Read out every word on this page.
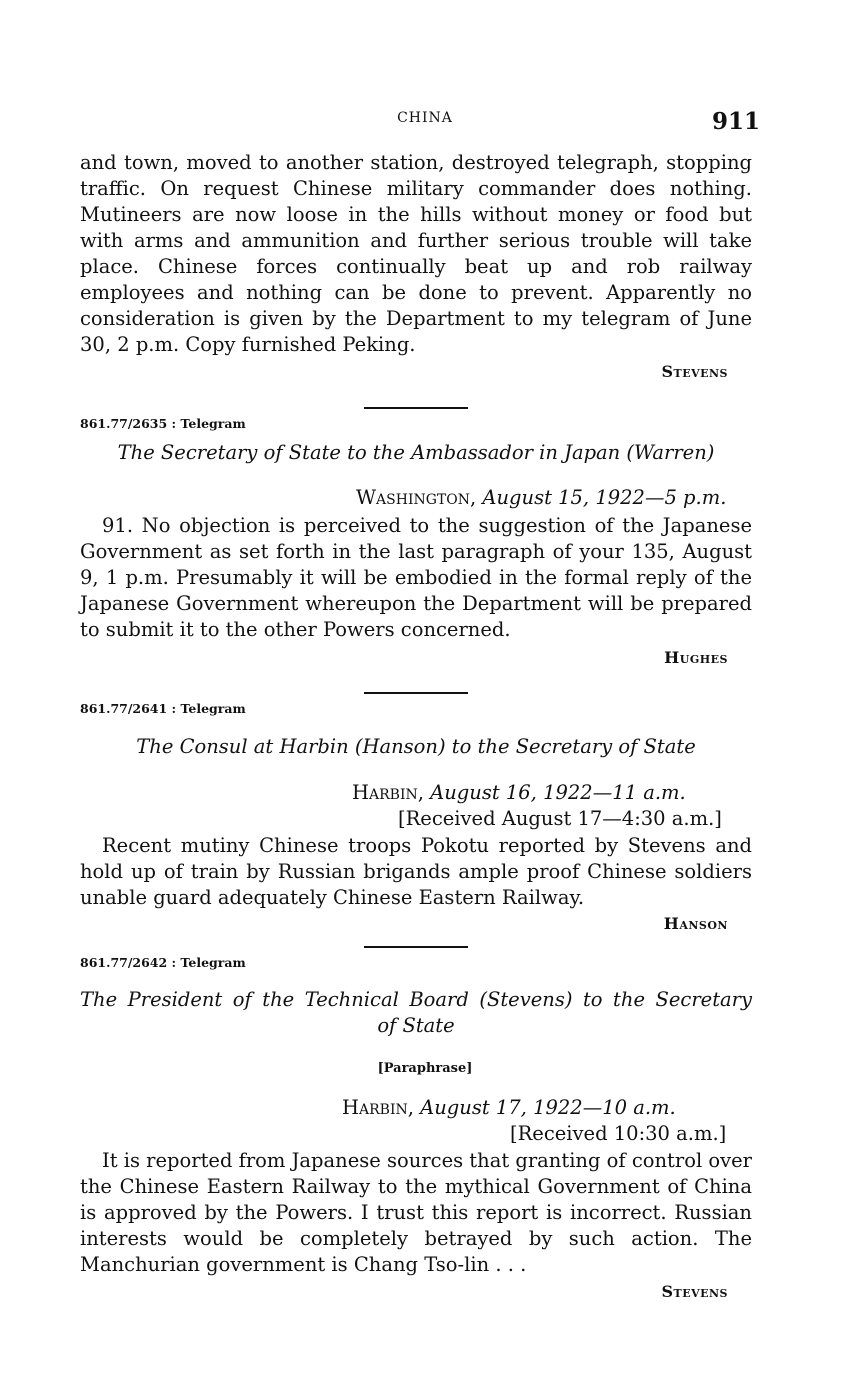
CHINA	911

and town, moved to another station, destroyed telegraph, stopping traffic. On request Chinese military commander does nothing. Mutineers are now loose in the hills without money or food but with arms and ammunition and further serious trouble will take place. Chinese forces continually beat up and rob railway employees and nothing can be done to prevent. Apparently no consideration is given by the Department to my telegram of June 30, 2 p.m. Copy furnished Peking.

Stevens
861.77/2635 : Telegram
The Secretary of State to the Ambassador in Japan (Warren)
Washington, August 15, 1922—5 p.m.

91. No objection is perceived to the suggestion of the Japanese Government as set forth in the last paragraph of your 135, August 9, 1 p.m. Presumably it will be embodied in the formal reply of the Japanese Government whereupon the Department will be prepared to submit it to the other Powers concerned.

Hughes
861.77/2641 : Telegram
The Consul at Harbin (Hanson) to the Secretary of State
Harbin, August 16, 1922—11 a.m.
[Received August 17—4:30 a.m.]

Recent mutiny Chinese troops Pokotu reported by Stevens and hold up of train by Russian brigands ample proof Chinese soldiers unable guard adequately Chinese Eastern Railway.

Hanson
861.77/2642 : Telegram
The President of the Technical Board (Stevens) to the Secretary
of State
[Paraphrase]
Harbin, August 17, 1922—10 a.m.
[Received 10:30 a.m.]

It is reported from Japanese sources that granting of control over the Chinese Eastern Railway to the mythical Government of China is approved by the Powers. I trust this report is incorrect. Russian interests would be completely betrayed by such action. The Manchurian government is Chang Tso-lin . . .

Stevens
